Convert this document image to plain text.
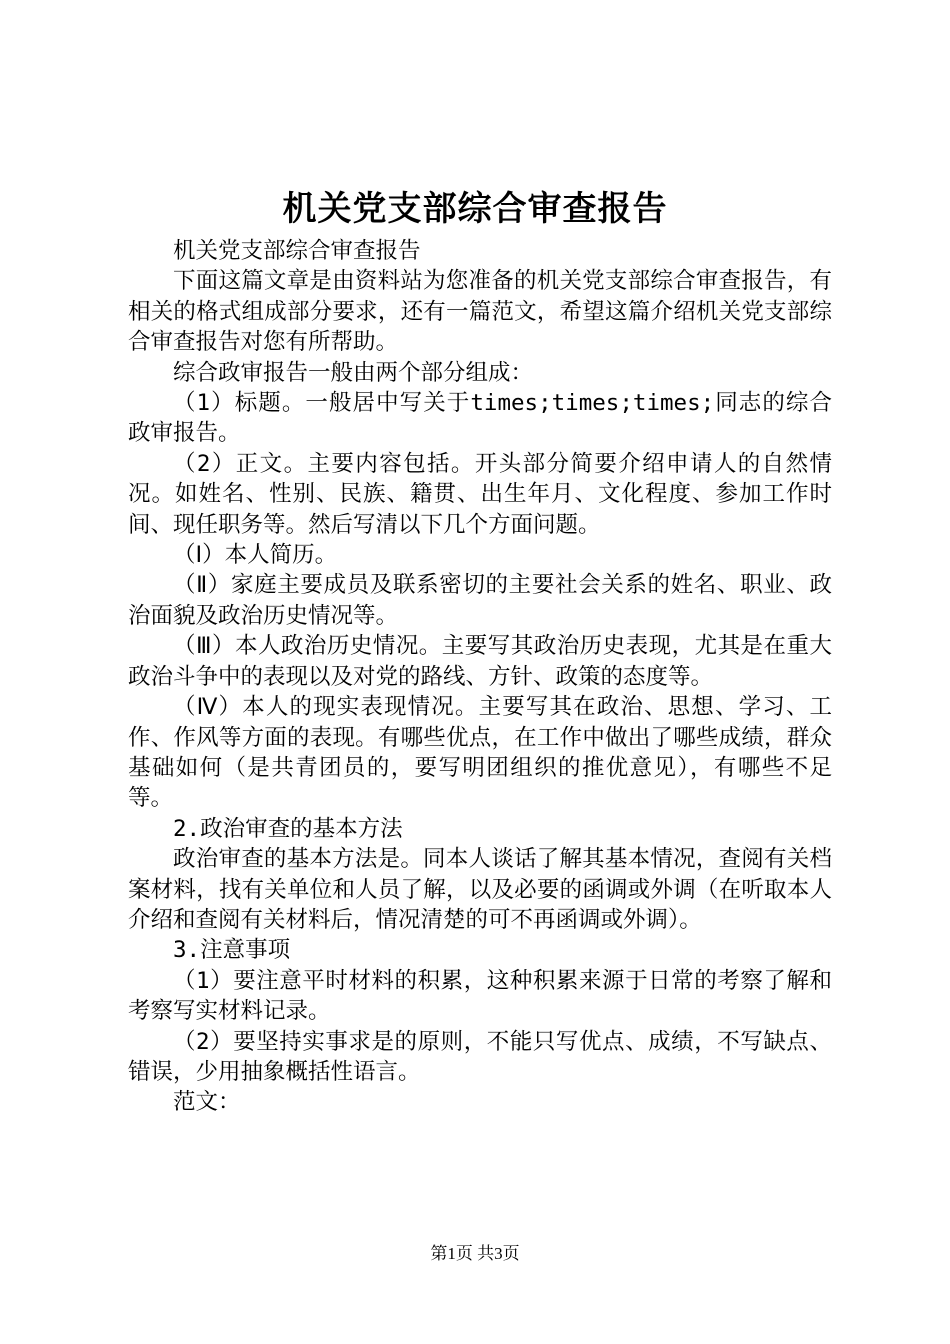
机关党支部综合审查报告

机关党支部综合审查报告

下面这篇文章是由资料站为您准备的机关党支部综合审查报告，有相关的格式组成部分要求，还有一篇范文，希望这篇介绍机关党支部综合审查报告对您有所帮助。

综合政审报告一般由两个部分组成：

（1）标题。一般居中写关于times;times;times;同志的综合政审报告。

（2）正文。主要内容包括。开头部分简要介绍申请人的自然情况。如姓名、性别、民族、籍贯、出生年月、文化程度、参加工作时间、现任职务等。然后写清以下几个方面问题。

（Ⅰ）本人简历。

（Ⅱ）家庭主要成员及联系密切的主要社会关系的姓名、职业、政治面貌及政治历史情况等。

（Ⅲ）本人政治历史情况。主要写其政治历史表现，尤其是在重大政治斗争中的表现以及对党的路线、方针、政策的态度等。

（Ⅳ）本人的现实表现情况。主要写其在政治、思想、学习、工作、作风等方面的表现。有哪些优点，在工作中做出了哪些成绩，群众基础如何（是共青团员的，要写明团组织的推优意见），有哪些不足等。

2.政治审查的基本方法

政治审查的基本方法是。同本人谈话了解其基本情况，查阅有关档案材料，找有关单位和人员了解，以及必要的函调或外调（在听取本人介绍和查阅有关材料后，情况清楚的可不再函调或外调）。

3.注意事项

（1）要注意平时材料的积累，这种积累来源于日常的考察了解和考察写实材料记录。

（2）要坚持实事求是的原则，不能只写优点、成绩，不写缺点、错误，少用抽象概括性语言。

范文：

第1页 共3页
